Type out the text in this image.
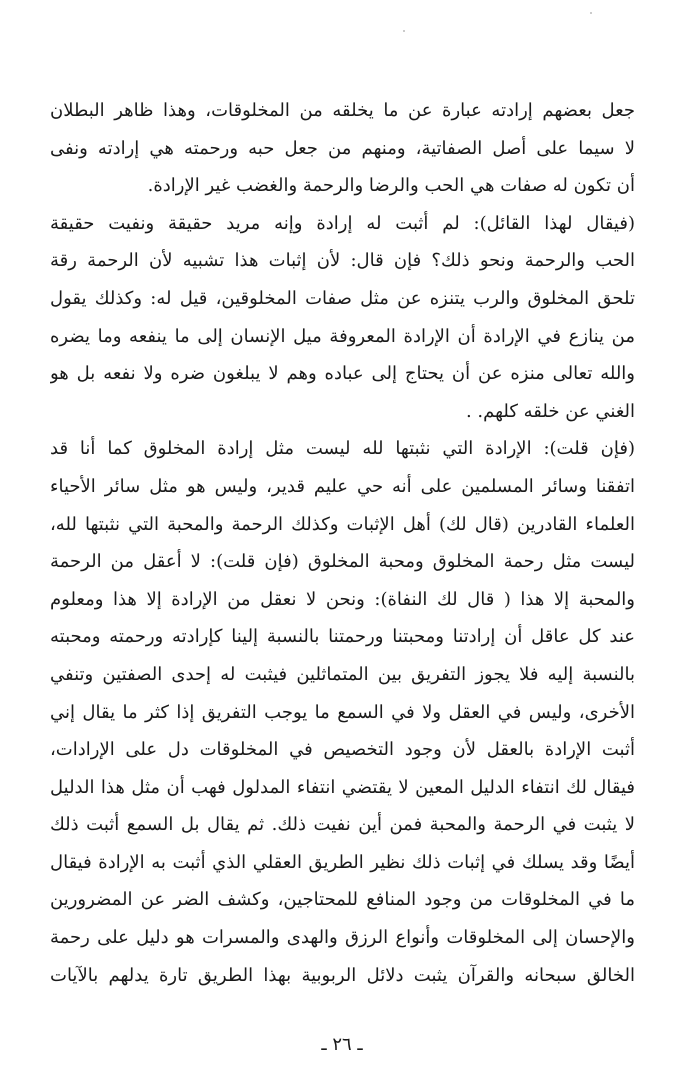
جعل بعضهم إرادته عبارة عن ما يخلقه من المخلوقات، وهذا ظاهر البطلان
لا سيما على أصل الصفاتية، ومنهم من جعل حبه ورحمته هي إرادته ونفى
أن تكون له صفات هي الحب والرضا والرحمة والغضب غير الإرادة.
(فيقال لهذا القائل): لم أثبت له إرادة وإنه مريد حقيقة ونفيت حقيقة
الحب والرحمة ونحو ذلك؟ فإن قال: لأن إثبات هذا تشبيه لأن الرحمة رقة
تلحق المخلوق والرب يتنزه عن مثل صفات المخلوقين، قيل له: وكذلك يقول
من ينازع في الإرادة أن الإرادة المعروفة ميل الإنسان إلى ما ينفعه وما يضره
والله تعالى منزه عن أن يحتاج إلى عباده وهم لا يبلغون ضره ولا نفعه بل هو
الغني عن خلقه كلهم. .
(فإن قلت): الإرادة التي نثبتها لله ليست مثل إرادة المخلوق كما أنا قد
اتفقنا وسائر المسلمين على أنه حي عليم قدير، وليس هو مثل سائر الأحياء
العلماء القادرين (قال لك) أهل الإثبات وكذلك الرحمة والمحبة التي نثبتها لله،
ليست مثل رحمة المخلوق ومحبة المخلوق (فإن قلت): لا أعقل من الرحمة
والمحبة إلا هذا ( قال لك النفاة): ونحن لا نعقل من الإرادة إلا هذا ومعلوم
عند كل عاقل أن إرادتنا ومحبتنا ورحمتنا بالنسبة إلينا كإرادته ورحمته ومحبته
بالنسبة إليه فلا يجوز التفريق بين المتماثلين فيثبت له إحدى الصفتين وتنفي
الأخرى، وليس في العقل ولا في السمع ما يوجب التفريق إذا كثر ما يقال إني
أثبت الإرادة بالعقل لأن وجود التخصيص في المخلوقات دل على الإرادات،
فيقال لك انتفاء الدليل المعين لا يقتضي انتفاء المدلول فهب أن مثل هذا الدليل
لا يثبت في الرحمة والمحبة فمن أين نفيت ذلك. ثم يقال بل السمع أثبت ذلك
أيضًا وقد يسلك في إثبات ذلك نظير الطريق العقلي الذي أثبت به الإرادة فيقال
ما في المخلوقات من وجود المنافع للمحتاجين، وكشف الضر عن المضرورين
والإحسان إلى المخلوقات وأنواع الرزق والهدى والمسرات هو دليل على رحمة
الخالق سبحانه والقرآن يثبت دلائل الربوبية بهذا الطريق تارة يدلهم بالآيات
ـ ٢٦ ـ
